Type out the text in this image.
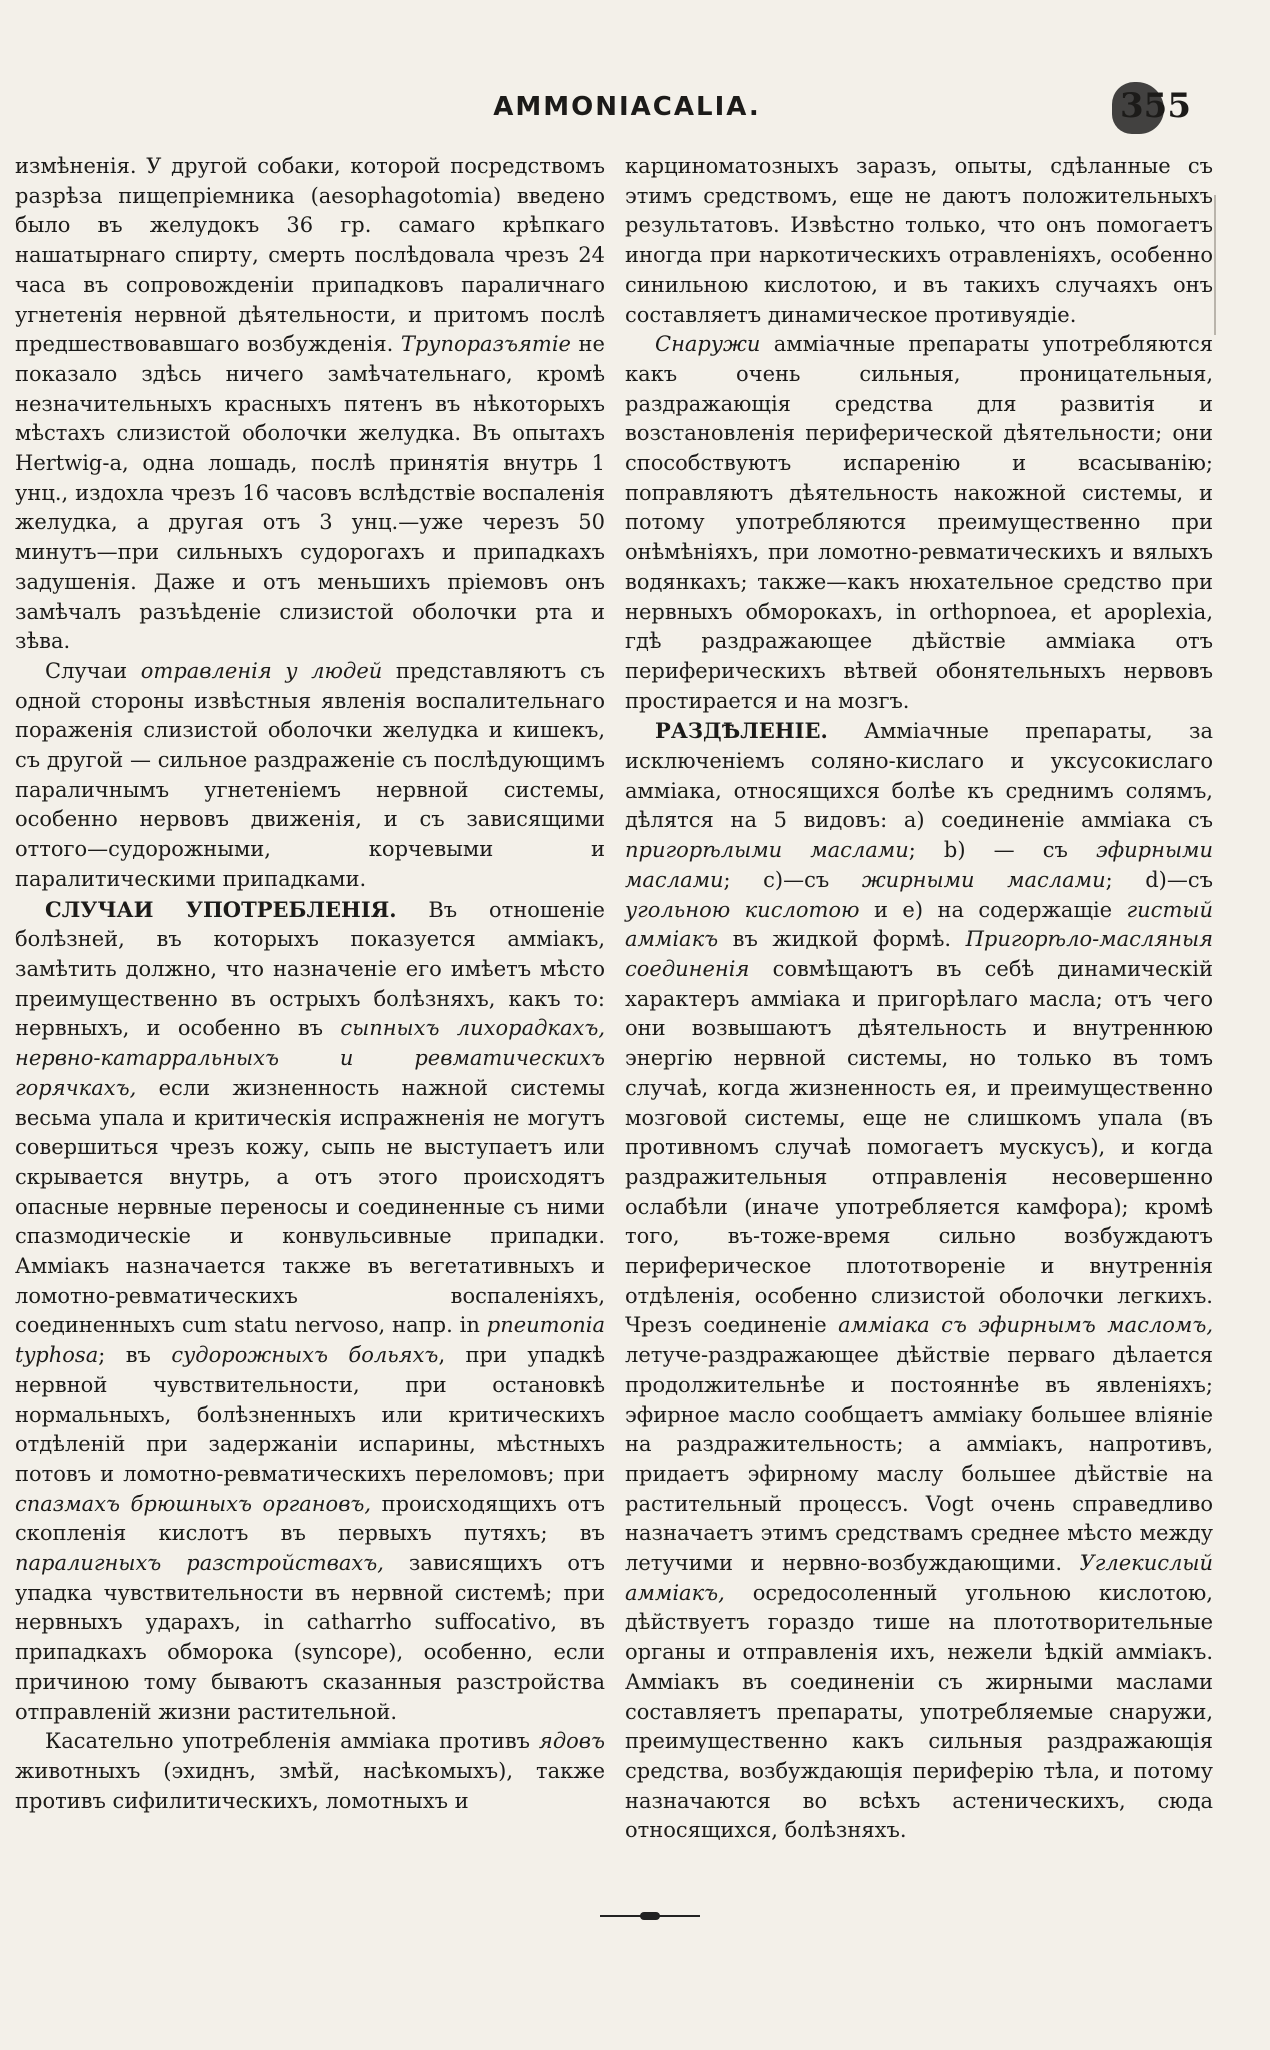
AMMONIACALIA.	355

измѣненія. У другой собаки, которой посредствомъ разрѣза пищепріемника (aesophagotomia) введено было въ желудокъ 36 гр. самаго крѣпкаго нашатырнаго спирту, смерть послѣдовала чрезъ 24 часа въ сопровожденіи припадковъ параличнаго угнетенія нервной дѣятельности, и притомъ послѣ предшествовавшаго возбужденія. Трупоразъятіе не показало здѣсь ничего замѣчательнаго, кромѣ незначительныхъ красныхъ пятенъ въ нѣкоторыхъ мѣстахъ слизистой оболочки желудка. Въ опытахъ Hertwig-а, одна лошадь, послѣ принятія внутрь 1 унц., издохла чрезъ 16 часовъ вслѣдствіе воспаленія желудка, а другая отъ 3 унц.—уже черезъ 50 минутъ—при сильныхъ судорогахъ и припадкахъ задушенія. Даже и отъ меньшихъ пріемовъ онъ замѣчалъ разъѣденіе слизистой оболочки рта и зѣва.

Случаи отравленія у людей представляютъ съ одной стороны извѣстныя явленія воспалительнаго пораженія слизистой оболочки желудка и кишекъ, съ другой — сильное раздраженіе съ послѣдующимъ параличнымъ угнетеніемъ нервной системы, особенно нервовъ движенія, и съ зависящими оттого—судорожными, корчевыми и паралитическими припадками.

СЛУЧАИ УПОТРЕБЛЕНІЯ. Въ отношеніе болѣзней, въ которыхъ показуется аммiакъ, замѣтить должно, что назначеніе его имѣетъ мѣсто преимущественно въ острыхъ болѣзняхъ, какъ то: нервныхъ, и особенно въ сыпныхъ лихорадкахъ, нервно-катарральныхъ и ревматическихъ горячкахъ, если жизненность нажной системы весьма упала и критическія испражненія не могутъ совершиться чрезъ кожу, сыпь не выступаетъ или скрывается внутрь, а отъ этого происходятъ опасные нервные переносы и соединенные съ ними спазмодическіе и конвульсивные припадки. Аммiакъ назначается также въ вегетативныхъ и ломотно-ревматическихъ воспаленіяхъ, соединенныхъ cum statu nervoso, напр. in pneumonia typhosa; въ судорожныхъ больяхъ, при упадкѣ нервной чувствительности, при остановкѣ нормальныхъ, болѣзненныхъ или критическихъ отдѣленій при задержаніи испарины, мѣстныхъ потовъ и ломотно-ревматическихъ переломовъ; при спазмахъ брюшныхъ органовъ, происходящихъ отъ скопленія кислотъ въ первыхъ путяхъ; въ паралигныхъ разстройствахъ, зависящихъ отъ упадка чувствительности въ нервной системѣ; при нервныхъ ударахъ, in catharrho suffocativo, въ припадкахъ обморока (syncope), особенно, если причиною тому бываютъ сказанныя разстройства отправленій жизни растительной.

Касательно употребленія аммiака противъ ядовъ животныхъ (эхиднъ, змѣй, насѣкомыхъ), также противъ сифилитическихъ, ломотныхъ и

карциноматозныхъ заразъ, опыты, сдѣланные съ этимъ средствомъ, еще не даютъ положительныхъ результатовъ. Извѣстно только, что онъ помогаетъ иногда при наркотическихъ отравленіяхъ, особенно синильною кислотою, и въ такихъ случаяхъ онъ составляетъ динамическое противуядіе.

Снаружи аммiачные препараты употребляются какъ очень сильныя, проницательныя, раздражающія средства для развитія и возстановленія периферической дѣятельности; они способствуютъ испаренію и всасыванію; поправляютъ дѣятельность накожной системы, и потому употребляются преимущественно при онѣмѣніяхъ, при ломотно-ревматическихъ и вялыхъ водянкахъ; также—какъ нюхательное средство при нервныхъ обморокахъ, in orthopnoea, et apoplexia, гдѣ раздражающее дѣйствіе аммiака отъ периферическихъ вѣтвей обонятельныхъ нервовъ простирается и на мозгъ.

РАЗДѢЛЕНІЕ. Аммiачные препараты, за исключеніемъ соляно-кислаго и уксусокислаго аммiака, относящихся болѣе къ среднимъ солямъ, дѣлятся на 5 видовъ: а) соединеніе аммiака съ пригорѣлыми маслами; b) — съ эфирными маслами; c)—съ жирными маслами; d)—съ угольною кислотою и e) на содержащіе гистый аммiакъ въ жидкой формѣ. Пригорѣло-масляныя соединенія совмѣщаютъ въ себѣ динамическій характеръ аммiака и пригорѣлаго масла; отъ чего они возвышаютъ дѣятельность и внутреннюю энергію нервной системы, но только въ томъ случаѣ, когда жизненность ея, и преимущественно мозговой системы, еще не слишкомъ упала (въ противномъ случаѣ помогаетъ мускусъ), и когда раздражительныя отправленія несовершенно ослабѣли (иначе употребляется камфора); кромѣ того, въ-тоже-время сильно возбуждаютъ периферическое плототвореніе и внутреннія отдѣленія, особенно слизистой оболочки легкихъ. Чрезъ соединеніе аммiака съ эфирнымъ масломъ, летуче-раздражающее дѣйствіе перваго дѣлается продолжительнѣе и постояннѣе въ явленіяхъ; эфирное масло сообщаетъ аммiаку большее вліяніе на раздражительность; а аммiакъ, напротивъ, придаетъ эфирному маслу большее дѣйствіе на растительный процессъ. Vogt очень справедливо назначаетъ этимъ средствамъ среднее мѣсто между летучими и нервно-возбуждающими. Углекислый аммiакъ, осредосоленный угольною кислотою, дѣйствуетъ гораздо тише на плототворительные органы и отправленія ихъ, нежели ѣдкій аммiакъ. Аммiакъ въ соединеніи съ жирными маслами составляетъ препараты, употребляемые снаружи, преимущественно какъ сильныя раздражающія средства, возбуждающія периферію тѣла, и потому назначаются во всѣхъ астеническихъ, сюда относящихся, болѣзняхъ.
